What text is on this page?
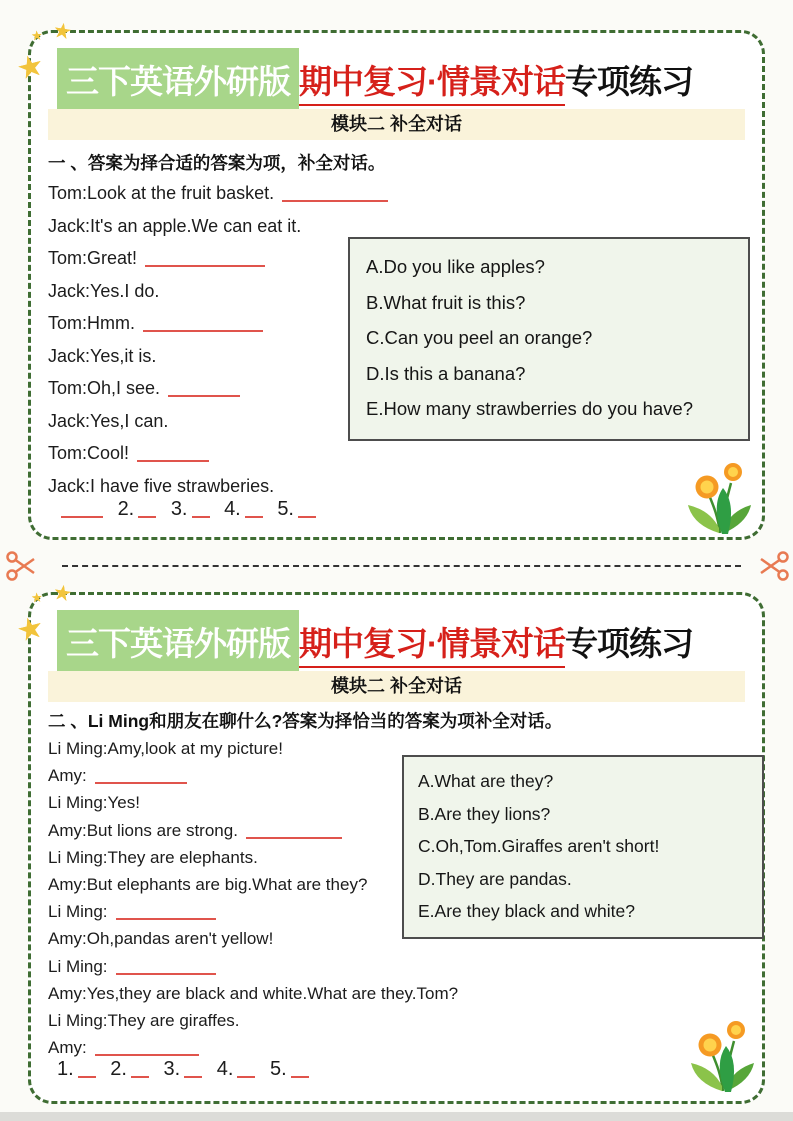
★
★
★
三下英语外研版 期中复习·情景对话专项练习
模块二 补全对话
一 、答案为择合适的答案为项，补全对话。
Tom:Look at the fruit basket.
Jack:It's an apple.We can eat it.
Tom:Great!
Jack:Yes.I do.
Tom:Hmm.
Jack:Yes,it is.
Tom:Oh,I see.
Jack:Yes,I can.
Tom:Cool!
Jack:I have five strawberies.
A.Do you like apples?
B.What fruit is this?
C.Can you peel an orange?
D.Is this a banana?
E.How many strawberries do you have?
2. 3. 4. 5.
★
★
★
三下英语外研版 期中复习·情景对话专项练习
模块二 补全对话
二 、Li Ming和朋友在聊什么?答案为择恰当的答案为项补全对话。
Li Ming:Amy,look at my picture!
Amy:
Li Ming:Yes!
Amy:But lions are strong.
Li Ming:They are elephants.
Amy:But elephants are big.What are they?
Li Ming:
Amy:Oh,pandas aren't yellow!
Li Ming:
Amy:Yes,they are black and white.What are they.Tom?
Li Ming:They are giraffes.
Amy:
A.What are they?
B.Are they lions?
C.Oh,Tom.Giraffes aren't short!
D.They are pandas.
E.Are they black and white?
1. 2. 3. 4. 5.
